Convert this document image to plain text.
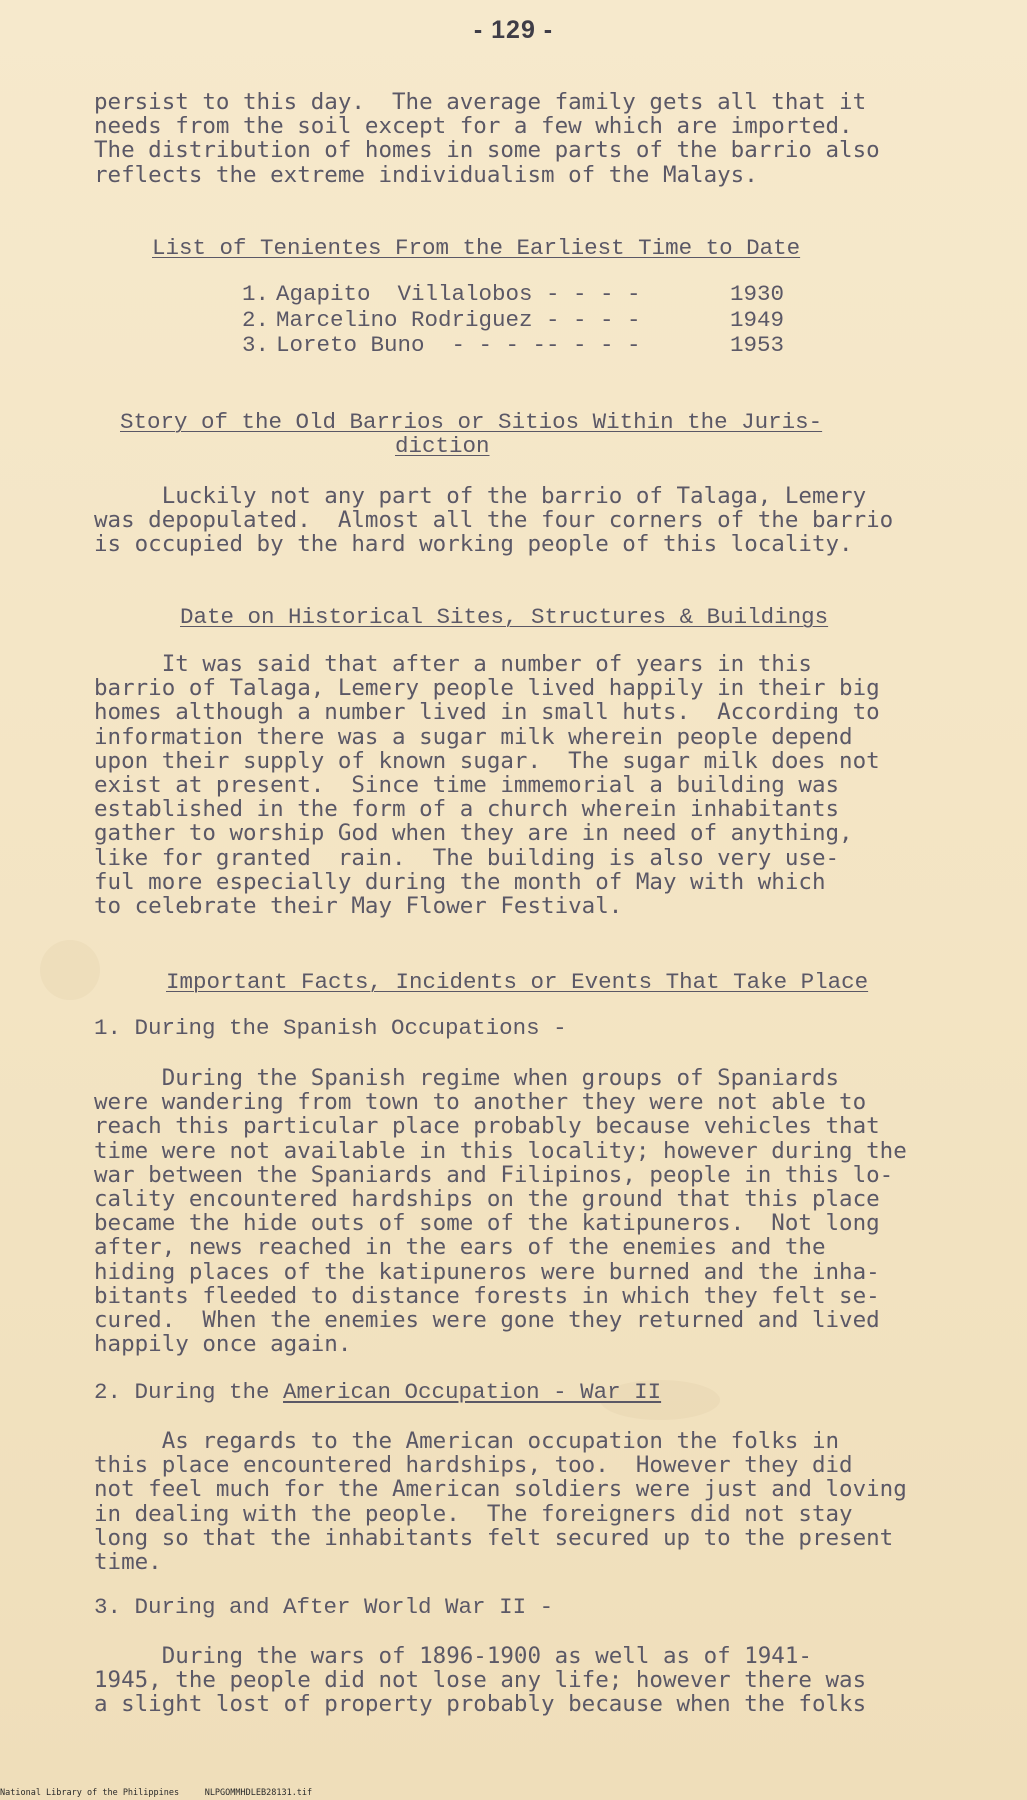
- 129 -
persist to this day.  The average family gets all that it
needs from the soil except for a few which are imported.
The distribution of homes in some parts of the barrio also
reflects the extreme individualism of the Malays.
List of Tenientes From the Earliest Time to Date
1. Agapito  Villalobos - - - -	1930
2. Marcelino Rodriguez - - - -	1949
3. Loreto Buno  - - - -- - - -	1953
Story of the Old Barrios or Sitios Within the Juris-
diction
Luckily not any part of the barrio of Talaga, Lemery
was depopulated.  Almost all the four corners of the barrio
is occupied by the hard working people of this locality.
Date on Historical Sites, Structures & Buildings
It was said that after a number of years in this
barrio of Talaga, Lemery people lived happily in their big
homes although a number lived in small huts.  According to
information there was a sugar milk wherein people depend
upon their supply of known sugar.  The sugar milk does not
exist at present.  Since time immemorial a building was
established in the form of a church wherein inhabitants
gather to worship God when they are in need of anything,
like for granted  rain.  The building is also very use-
ful more especially during the month of May with which
to celebrate their May Flower Festival.
Important Facts, Incidents or Events That Take Place
1. During the Spanish Occupations -
During the Spanish regime when groups of Spaniards
were wandering from town to another they were not able to
reach this particular place probably because vehicles that
time were not available in this locality; however during the
war between the Spaniards and Filipinos, people in this lo-
cality encountered hardships on the ground that this place
became the hide outs of some of the katipuneros.  Not long
after, news reached in the ears of the enemies and the
hiding places of the katipuneros were burned and the inha-
bitants fleeded to distance forests in which they felt se-
cured.  When the enemies were gone they returned and lived
happily once again.
2. During the American Occupation - War II
As regards to the American occupation the folks in
this place encountered hardships, too.  However they did
not feel much for the American soldiers were just and loving
in dealing with the people.  The foreigners did not stay
long so that the inhabitants felt secured up to the present
time.
3. During and After World War II -
During the wars of 1896-1900 as well as of 1941-
1945, the people did not lose any life; however there was
a slight lost of property probably because when the folks
National Library of the Philippines     NLPGOMMHDLEB28131.tif
